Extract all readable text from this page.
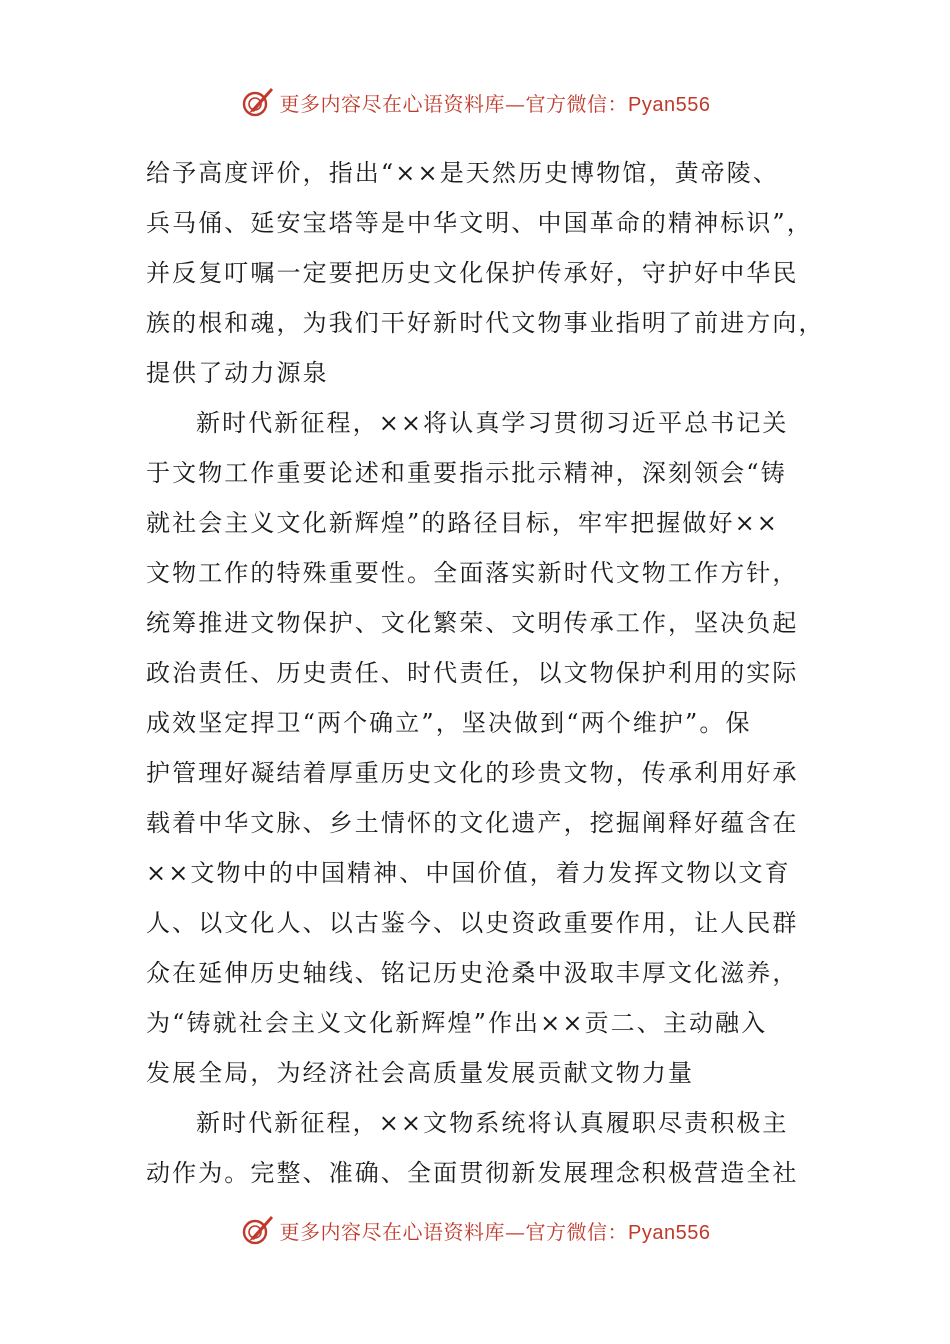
更多内容尽在心语资料库—官方微信：Pyan556
给予高度评价，指出“××是天然历史博物馆，黄帝陵、
兵马俑、延安宝塔等是中华文明、中国革命的精神标识”，
并反复叮嘱一定要把历史文化保护传承好，守护好中华民
族的根和魂，为我们干好新时代文物事业指明了前进方向，
提供了动力源泉
新时代新征程，××将认真学习贯彻习近平总书记关
于文物工作重要论述和重要指示批示精神，深刻领会“铸
就社会主义文化新辉煌”的路径目标，牢牢把握做好××
文物工作的特殊重要性。全面落实新时代文物工作方针，
统筹推进文物保护、文化繁荣、文明传承工作，坚决负起
政治责任、历史责任、时代责任，以文物保护利用的实际
成效坚定捍卫“两个确立”，坚决做到“两个维护”。保
护管理好凝结着厚重历史文化的珍贵文物，传承利用好承
载着中华文脉、乡土情怀的文化遗产，挖掘阐释好蕴含在
××文物中的中国精神、中国价值，着力发挥文物以文育
人、以文化人、以古鉴今、以史资政重要作用，让人民群
众在延伸历史轴线、铭记历史沧桑中汲取丰厚文化滋养，
为“铸就社会主义文化新辉煌”作出××贡二、主动融入
发展全局，为经济社会高质量发展贡献文物力量
新时代新征程，××文物系统将认真履职尽责积极主
动作为。完整、准确、全面贯彻新发展理念积极营造全社
更多内容尽在心语资料库—官方微信：Pyan556
